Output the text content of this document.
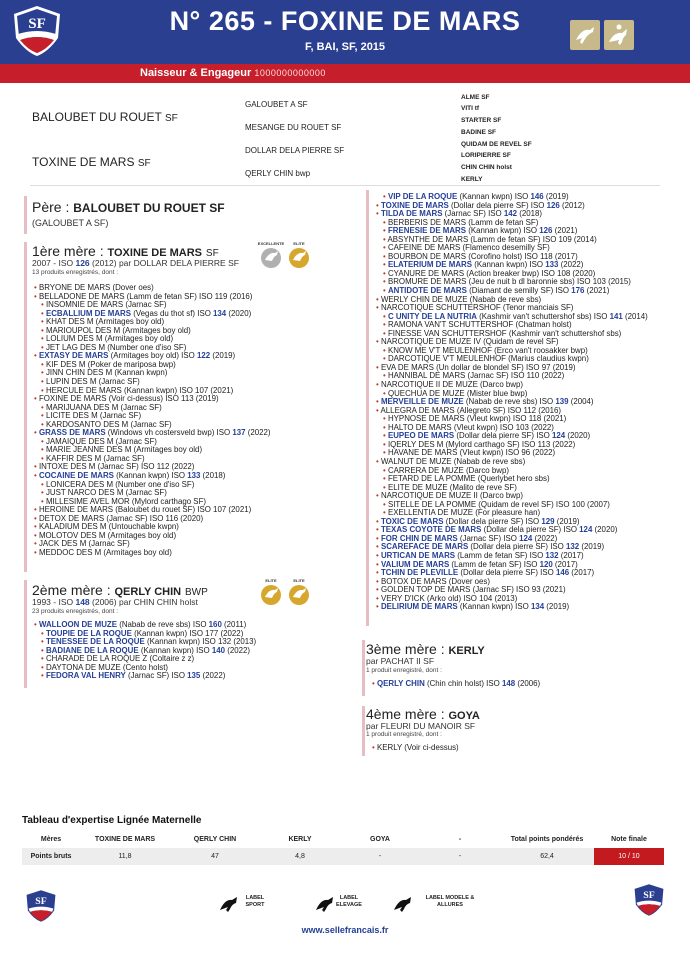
SF	N° 265 - FOXINE DE MARS
F, BAI, SF, 2015
Naisseur & Engageur 1000000000000
BALOUBET DU ROUET SF
TOXINE DE MARS SF
GALOUBET A SF
MESANGE DU ROUET SF
DOLLAR DELA PIERRE SF
QERLY CHIN bwp
ALME SF
VITI tf
STARTER SF
BADINE SF
QUIDAM DE REVEL SF
LORIPIERRE SF
CHIN CHIN holst
KERLY
Père : BALOUBET DU ROUET SF
(GALOUBET A SF)
1ère mère : TOXINE DE MARS SF
2007 - ISO 126 (2012) par DOLLAR DELA PIERRE SF
13 produits enregistrés, dont :
EXCELLENTE ELITE
• BRYONE DE MARS (Dover oes)
• BELLADONE DE MARS (Lamm de fetan SF) ISO 119 (2016)
• INSOMNIE DE MARS (Jarnac SF)
• ECBALLIUM DE MARS (Vegas du thot sf) ISO 134 (2020)
• KHAT DES M (Armitages boy old)
• MARIOUPOL DES M (Armitages boy old)
• LOLIUM DES M (Armitages boy old)
• JET LAG DES M (Number one d'iso SF)
• EXTASY DE MARS (Armitages boy old) ISO 122 (2019)
• KIF DES M (Poker de mariposa bwp)
• JINN CHIN DES M (Kannan kwpn)
• LUPIN DES M (Jarnac SF)
• HERCULE DE MARS (Kannan kwpn) ISO 107 (2021)
• FOXINE DE MARS (Voir ci-dessus) ISO 113 (2019)
• MARIJUANA DES M (Jarnac SF)
• LICITE DES M (Jarnac SF)
• KARDOSANTO DES M (Jarnac SF)
• GRASS DE MARS (Windows vh costersveld bwp) ISO 137 (2022)
• JAMAIQUE DES M (Jarnac SF)
• MARIE JEANNE DES M (Armitages boy old)
• KAFFIR DES M (Jarnac SF)
• INTOXE DES M (Jarnac SF) ISO 112 (2022)
• COCAINE DE MARS (Kannan kwpn) ISO 133 (2018)
• LONICERA DES M (Number one d'iso SF)
• JUST NARCO DES M (Jarnac SF)
• MILLESIME AVEL MOR (Mylord carthago SF)
• HEROINE DE MARS (Baloubet du rouet SF) ISO 107 (2021)
• DETOX DE MARS (Jarnac SF) ISO 116 (2020)
• KALADIUM DES M (Untouchable kwpn)
• MOLOTOV DES M (Armitages boy old)
• JACK DES M (Jarnac SF)
• MEDDOC DES M (Armitages boy old)
2ème mère : QERLY CHIN BWP
1993 - ISO 148 (2006) par CHIN CHIN holst
23 produits enregistrés, dont :
ELITE	ELITE
• WALLOON DE MUZE (Nabab de reve sbs) ISO 160 (2011)
• TOUPIE DE LA ROQUE (Kannan kwpn) ISO 177 (2022)
• TENESSEE DE LA ROQUE (Kannan kwpn) ISO 132 (2013)
• BADIANE DE LA ROQUE (Kannan kwpn) ISO 140 (2022)
• CHARADE DE LA ROQUE Z (Coltaire z z)
• DAYTONA DE MUZE (Cento holst)
• FEDORA VAL HENRY (Jarnac SF) ISO 135 (2022)
• VIP DE LA ROQUE (Kannan kwpn) ISO 146 (2019)
• TOXINE DE MARS (Dollar dela pierre SF) ISO 126 (2012)
• TILDA DE MARS (Jarnac SF) ISO 142 (2018)
• BERBERIS DE MARS (Lamm de fetan SF)
• FRENESIE DE MARS (Kannan kwpn) ISO 126 (2021)
• ABSYNTHE DE MARS (Lamm de fetan SF) ISO 109 (2014)
• CAFEINE DE MARS (Flamenco desemilly SF)
• BOURBON DE MARS (Corofino holst) ISO 118 (2017)
• ELATERIUM DE MARS (Kannan kwpn) ISO 133 (2022)
• CYANURE DE MARS (Action breaker bwp) ISO 108 (2020)
• BROMURE DE MARS (Jeu de nuit b dl baronnie sbs) ISO 103 (2015)
• ANTIDOTE DE MARS (Diamant de semilly SF) ISO 176 (2021)
• WERLY CHIN DE MUZE (Nabab de reve sbs)
• NARCOTIQUE SCHUTTERSHOF (Tenor manciais SF)
• C UNITY DE LA NUTRIA (Kashmir van't schuttershof sbs) ISO 141 (2014)
• RAMONA VAN'T SCHUTTERSHOF (Chatman holst)
• FINESSE VAN SCHUTTERSHOF (Kashmir van't schuttershof sbs)
• NARCOTIQUE DE MUZE IV (Quidam de revel SF)
• KNOW ME V'T MEULENHOF (Erco van't roosakker bwp)
• DARCOTIQUE V'T MEULENHOF (Marius claudius kwpn)
• EVA DE MARS (Un dollar de blondel SF) ISO 97 (2019)
• HANNIBAL DE MARS (Jarnac SF) ISO 110 (2022)
• NARCOTIQUE II DE MUZE (Darco bwp)
• QUECHUA DE MUZE (Mister blue bwp)
• MERVEILLE DE MUZE (Nabab de reve sbs) ISO 139 (2004)
• ALLEGRA DE MARS (Allegreto SF) ISO 112 (2016)
• HYPNOSE DE MARS (Vleut kwpn) ISO 118 (2021)
• HALTO DE MARS (Vleut kwpn) ISO 103 (2022)
• EUPEO DE MARS (Dollar dela pierre SF) ISO 124 (2020)
• IQERLY DES M (Mylord carthago SF) ISO 113 (2022)
• HAVANE DE MARS (Vleut kwpn) ISO 96 (2022)
• WALNUT DE MUZE (Nabab de reve sbs)
• CARRERA DE MUZE (Darco bwp)
• FETARD DE LA POMME (Querlybet hero sbs)
• ELITE DE MUZE (Malito de reve SF)
• NARCOTIQUE DE MUZE II (Darco bwp)
• SITELLE DE LA POMME (Quidam de revel SF) ISO 100 (2007)
• EXELLENTIA DE MUZE (For pleasure han)
• TOXIC DE MARS (Dollar dela pierre SF) ISO 129 (2019)
• TEXAS COYOTE DE MARS (Dollar dela pierre SF) ISO 124 (2020)
• FOR CHIN DE MARS (Jarnac SF) ISO 124 (2022)
• SCAREFACE DE MARS (Dollar dela pierre SF) ISO 132 (2019)
• URTICAN DE MARS (Lamm de fetan SF) ISO 132 (2017)
• VALIUM DE MARS (Lamm de fetan SF) ISO 120 (2017)
• TCHIN DE PLEVILLE (Dollar dela pierre SF) ISO 146 (2017)
• BOTOX DE MARS (Dover oes)
• GOLDEN TOP DE MARS (Jarnac SF) ISO 93 (2021)
• VERY D'ICK (Arko old) ISO 104 (2013)
• DELIRIUM DE MARS (Kannan kwpn) ISO 134 (2019)
3ème mère : KERLY
par PACHAT II SF
1 produit enregistré, dont :
• QERLY CHIN (Chin chin holst) ISO 148 (2006)
4ème mère : GOYA
par FLEURI DU MANOIR SF
1 produit enregistré, dont :
• KERLY (Voir ci-dessus)
Tableau d'expertise Lignée Maternelle
Mères	TOXINE DE MARS	QERLY CHIN	KERLY	GOYA	-	Total points pondérés	Note finale
Points bruts	11,8	47	4,8	-	-	62,4	10 / 10
SF
SF
LABEL
SPORT
LABEL
ELEVAGE
LABEL MODELE &
ALLURES
www.sellefrancais.fr
